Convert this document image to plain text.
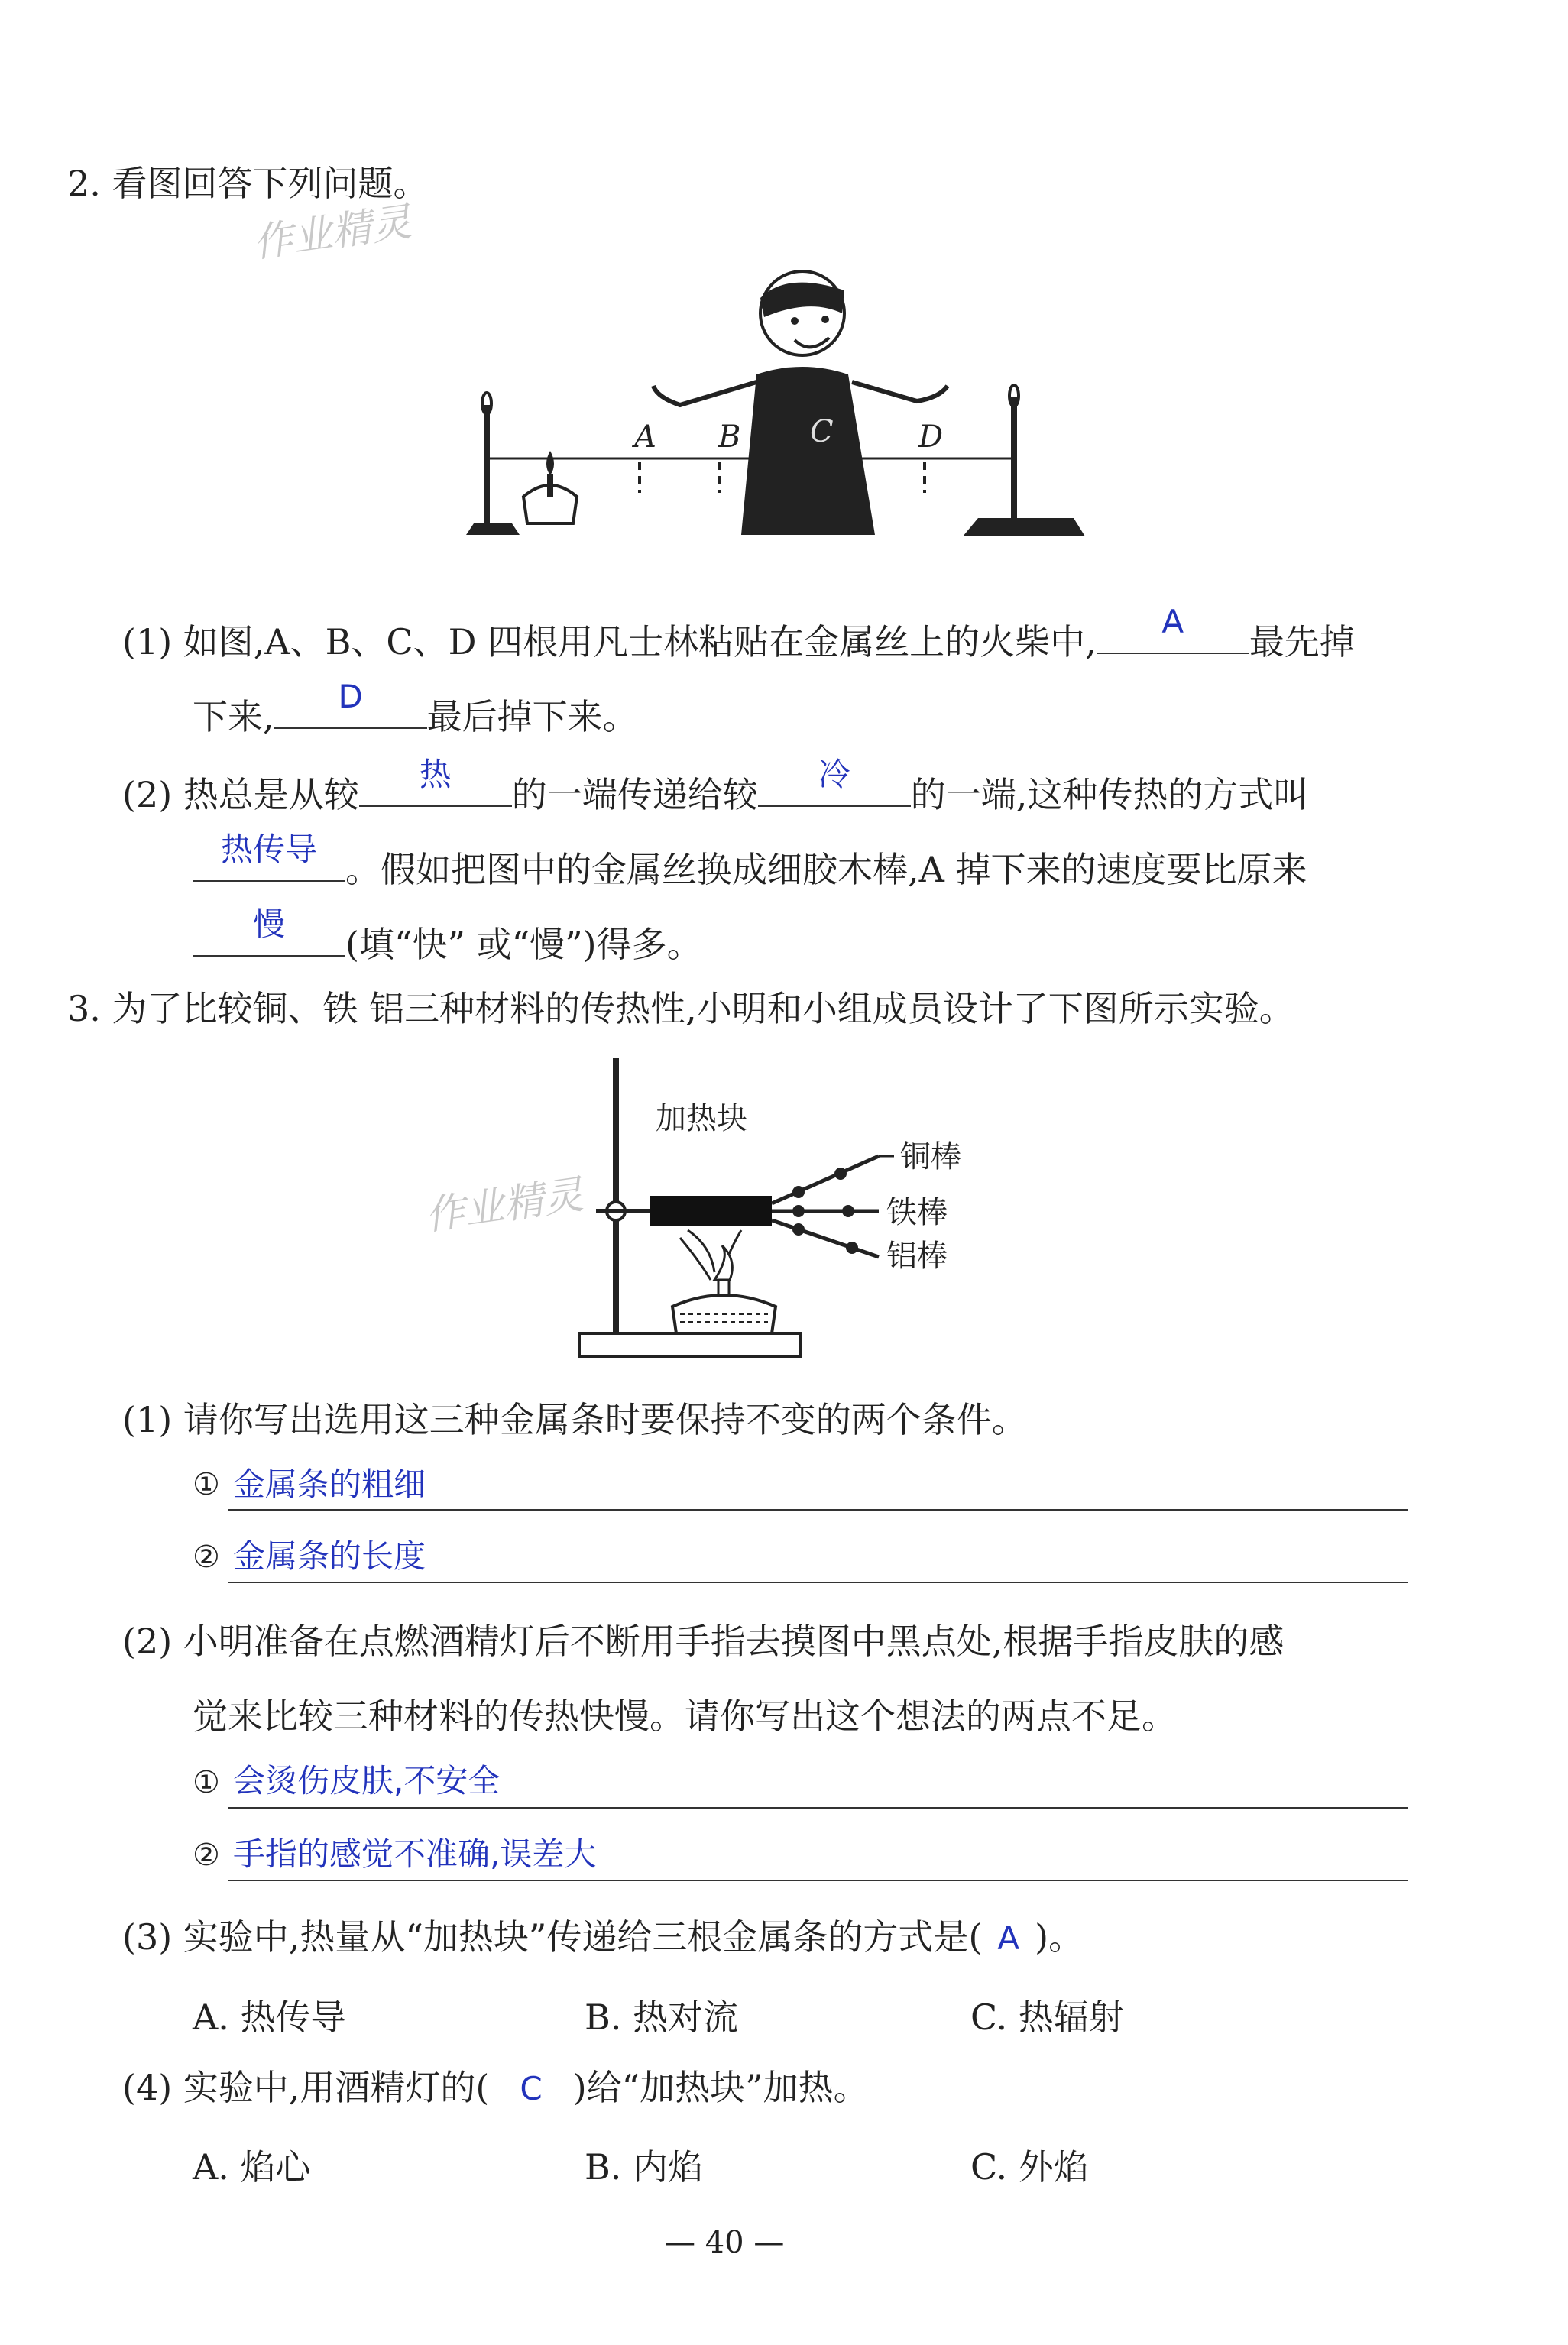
作业精灵
作业精灵
2. 看图回答下列问题。
A B C	D
(1) 如图,A、B、C、D 四根用凡士林粘贴在金属丝上的火柴中,	A	最先掉
下来,	D	最后掉下来。
(2) 热总是从较	热	的一端传递给较	冷	的一端,这种传热的方式叫
热传导 。假如把图中的金属丝换成细胶木棒,A 掉下来的速度要比原来
慢	(填“快” 或“慢”)得多。
3. 为了比较铜、铁 铝三种材料的传热性,小明和小组成员设计了下图所示实验。
加热块
铜棒
铁棒
铝棒
(1) 请你写出选用这三种金属条时要保持不变的两个条件。
① 金属条的粗细
② 金属条的长度
(2) 小明准备在点燃酒精灯后不断用手指去摸图中黑点处,根据手指皮肤的感
觉来比较三种材料的传热快慢。请你写出这个想法的两点不足。
① 会烫伤皮肤,不安全
② 手指的感觉不准确,误差大
(3) 实验中,热量从“加热块”传递给三根金属条的方式是( A )。
A. 热传导	B. 热对流	C. 热辐射
(4) 实验中,用酒精灯的( C )给“加热块”加热。
A. 焰心	B. 内焰	C. 外焰
— 40 —
